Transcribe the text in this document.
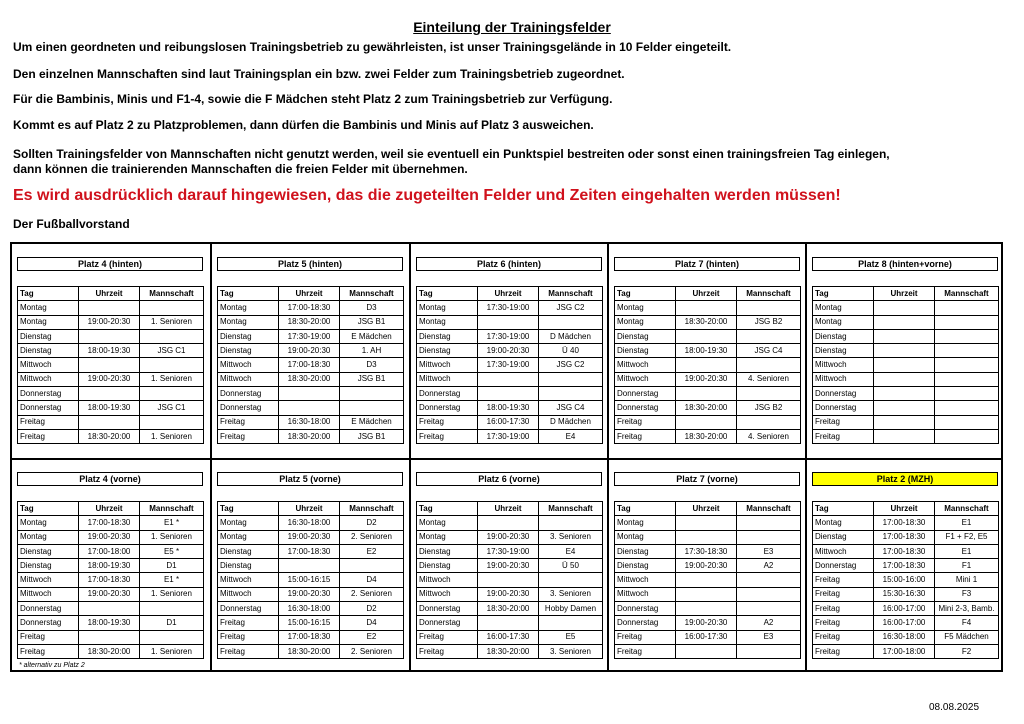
Einteilung der Trainingsfelder
Um einen geordneten und reibungslosen Trainingsbetrieb zu gewährleisten, ist unser Trainingsgelände in 10 Felder eingeteilt.
Den einzelnen Mannschaften sind laut Trainingsplan ein bzw. zwei Felder zum Trainingsbetrieb zugeordnet.
Für die Bambinis, Minis und F1-4, sowie die F Mädchen steht Platz 2 zum Trainingsbetrieb zur Verfügung.
Kommt es auf Platz 2 zu Platzproblemen, dann dürfen die Bambinis und Minis auf Platz 3 ausweichen.
Sollten Trainingsfelder von Mannschaften nicht genutzt werden, weil sie eventuell ein Punktspiel bestreiten oder sonst einen trainingsfreien Tag einlegen,
dann können die trainierenden Mannschaften die freien Felder mit übernehmen.
Es wird ausdrücklich darauf hingewiesen, das die zugeteilten Felder und Zeiten eingehalten werden müssen!
Der Fußballvorstand
Platz 4 (hinten)
Tag	Uhrzeit	Mannschaft
Montag		
Montag	19:00-20:30	1. Senioren
Dienstag		
Dienstag	18:00-19:30	JSG C1
Mittwoch		
Mittwoch	19:00-20:30	1. Senioren
Donnerstag		
Donnerstag	18:00-19:30	JSG C1
Freitag		
Freitag	18:30-20:00	1. Senioren
Platz 5 (hinten)
Tag	Uhrzeit	Mannschaft
Montag	17:00-18:30	D3
Montag	18:30-20:00	JSG B1
Dienstag	17:30-19:00	E Mädchen
Dienstag	19:00-20:30	1. AH
Mittwoch	17:00-18:30	D3
Mittwoch	18:30-20:00	JSG B1
Donnerstag		
Donnerstag		
Freitag	16:30-18:00	E Mädchen
Freitag	18:30-20:00	JSG B1
Platz 6 (hinten)
Tag	Uhrzeit	Mannschaft
Montag	17:30-19:00	JSG C2
Montag		
Dienstag	17:30-19:00	D Mädchen
Dienstag	19:00-20:30	Ü 40
Mittwoch	17:30-19:00	JSG C2
Mittwoch		
Donnerstag		
Donnerstag	18:00-19:30	JSG C4
Freitag	16:00-17:30	D Mädchen
Freitag	17:30-19:00	E4
Platz 7 (hinten)
Tag	Uhrzeit	Mannschaft
Montag		
Montag	18:30-20:00	JSG B2
Dienstag		
Dienstag	18:00-19:30	JSG C4
Mittwoch		
Mittwoch	19:00-20:30	4. Senioren
Donnerstag		
Donnerstag	18:30-20:00	JSG B2
Freitag		
Freitag	18:30-20:00	4. Senioren
Platz 8 (hinten+vorne)
Tag	Uhrzeit	Mannschaft
Montag		
Montag		
Dienstag		
Dienstag		
Mittwoch		
Mittwoch		
Donnerstag		
Donnerstag		
Freitag		
Freitag		
Platz 4 (vorne)
Tag	Uhrzeit	Mannschaft
Montag	17:00-18:30	E1 *
Montag	19:00-20:30	1. Senioren
Dienstag	17:00-18:00	E5 *
Dienstag	18:00-19:30	D1
Mittwoch	17:00-18:30	E1 *
Mittwoch	19:00-20:30	1. Senioren
Donnerstag		
Donnerstag	18:00-19:30	D1
Freitag		
Freitag	18:30-20:00	1. Senioren
Platz 5 (vorne)
Tag	Uhrzeit	Mannschaft
Montag	16:30-18:00	D2
Montag	19:00-20:30	2. Senioren
Dienstag	17:00-18:30	E2
Dienstag		
Mittwoch	15:00-16:15	D4
Mittwoch	19:00-20:30	2. Senioren
Donnerstag	16:30-18:00	D2
Freitag	15:00-16:15	D4
Freitag	17:00-18:30	E2
Freitag	18:30-20:00	2. Senioren
Platz 6 (vorne)
Tag	Uhrzeit	Mannschaft
Montag		
Montag	19:00-20:30	3. Senioren
Dienstag	17:30-19:00	E4
Dienstag	19:00-20:30	Ü 50
Mittwoch		
Mittwoch	19:00-20:30	3. Senioren
Donnerstag	18:30-20:00	Hobby Damen
Donnerstag		
Freitag	16:00-17:30	E5
Freitag	18:30-20:00	3. Senioren
Platz 7 (vorne)
Tag	Uhrzeit	Mannschaft
Montag		
Montag		
Dienstag	17:30-18:30	E3
Dienstag	19:00-20:30	A2
Mittwoch		
Mittwoch		
Donnerstag		
Donnerstag	19:00-20:30	A2
Freitag	16:00-17:30	E3
Freitag		
Platz 2 (MZH)
Tag	Uhrzeit	Mannschaft
Montag	17:00-18:30	E1
Dienstag	17:00-18:30	F1 + F2, E5
Mittwoch	17:00-18:30	E1
Donnerstag	17:00-18:30	F1
Freitag	15:00-16:00	Mini 1
Freitag	15:30-16:30	F3
Freitag	16:00-17:00	Mini 2-3, Bamb.
Freitag	16:00-17:00	F4
Freitag	16:30-18:00	F5 Mädchen
Freitag	17:00-18:00	F2
* alternativ zu Platz 2
08.08.2025
